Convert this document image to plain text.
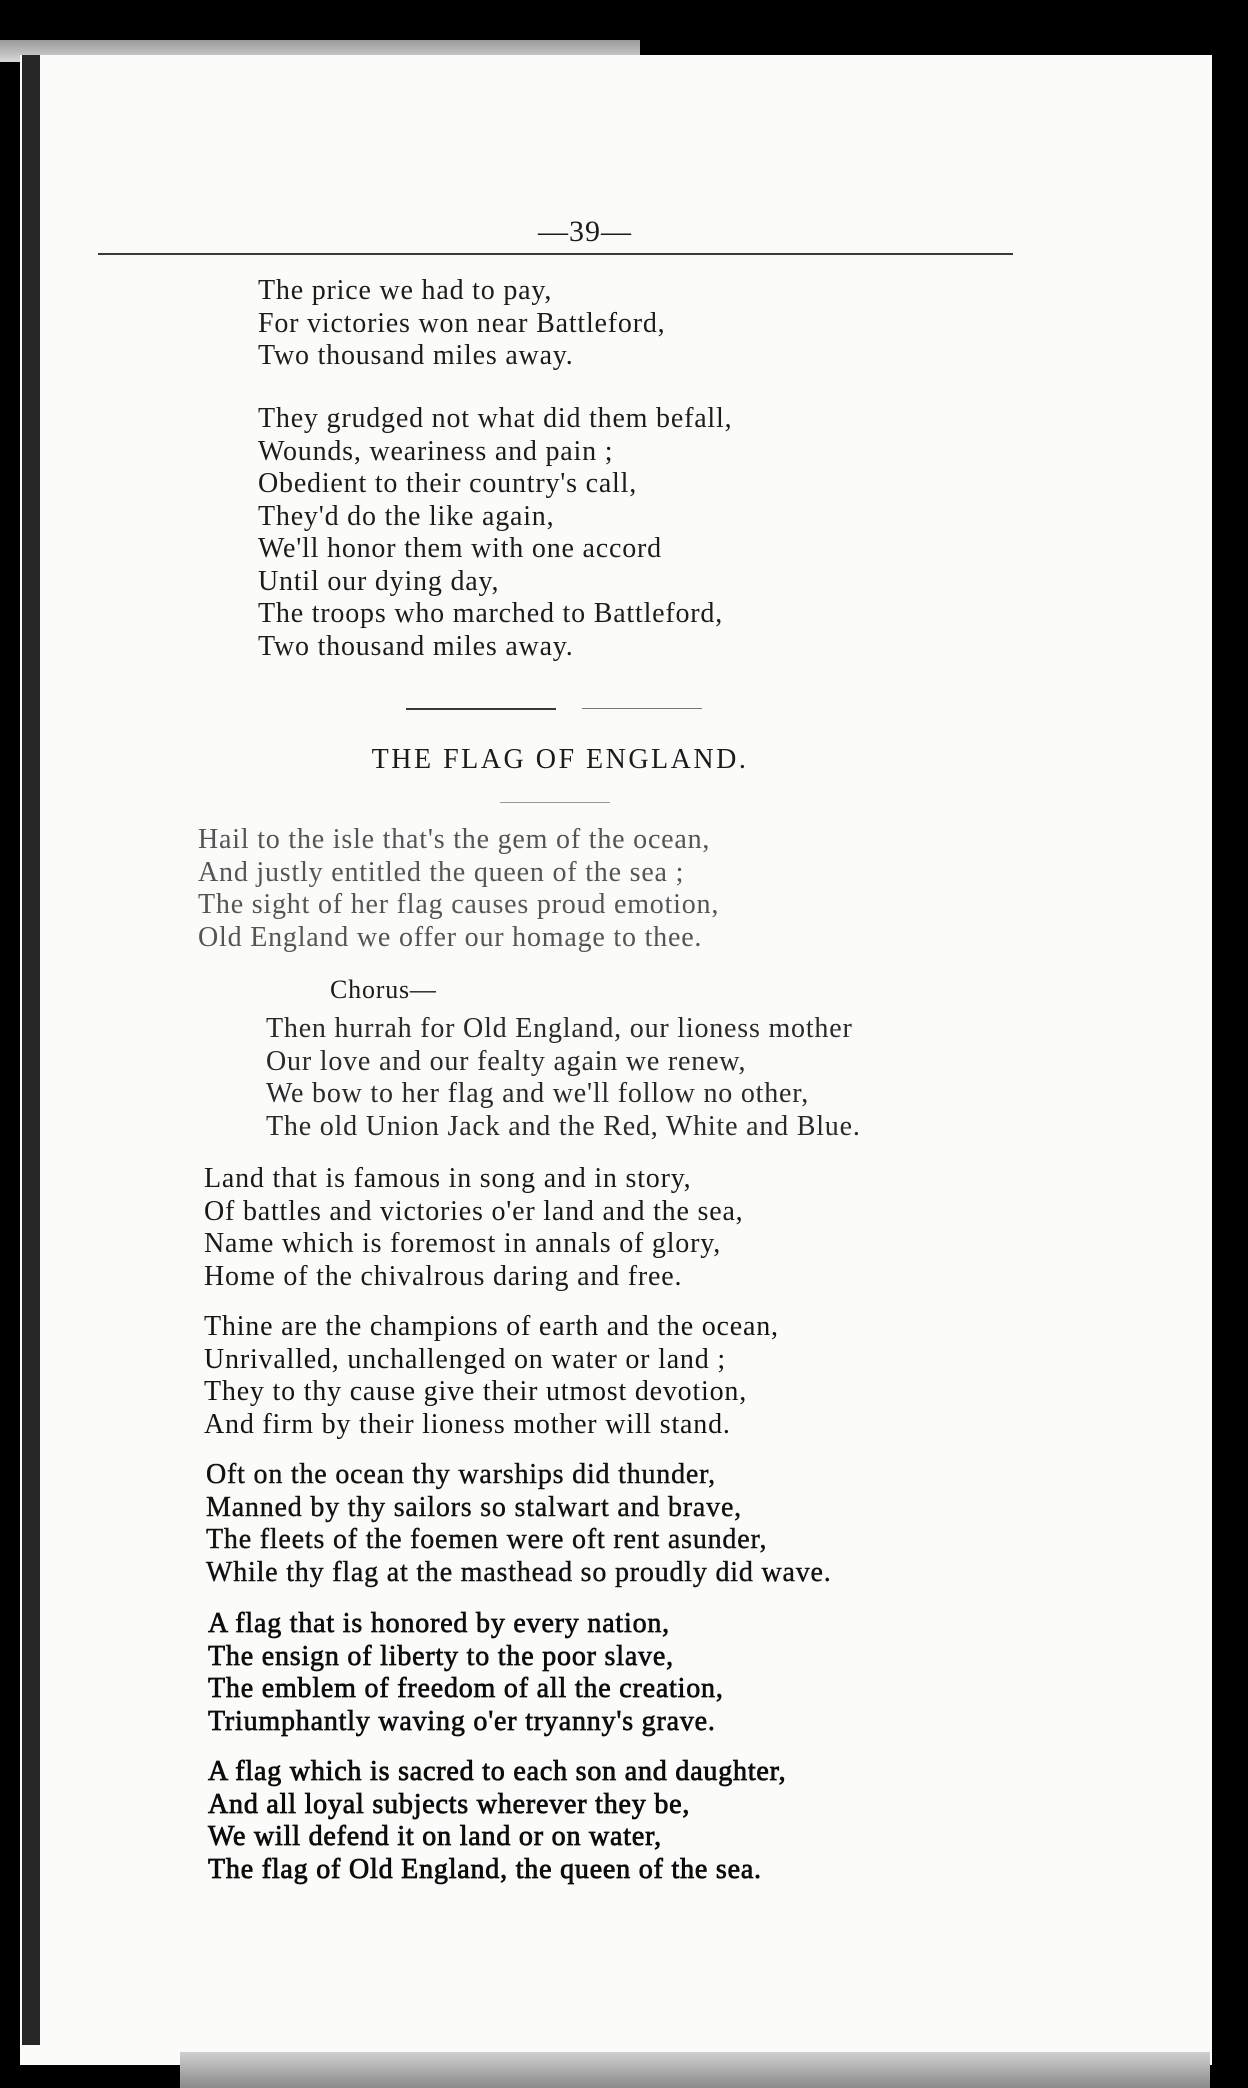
—39—
The price we had to pay,
For victories won near Battleford,
Two thousand miles away.
They grudged not what did them befall,
Wounds, weariness and pain ;
Obedient to their country's call,
They'd do the like again,
We'll honor them with one accord
Until our dying day,
The troops who marched to Battleford,
Two thousand miles away.
THE FLAG OF ENGLAND.
Hail to the isle that's the gem of the ocean,
And justly entitled the queen of the sea ;
The sight of her flag causes proud emotion,
Old England we offer our homage to thee.
Chorus—
Then hurrah for Old England, our lioness mother
Our love and our fealty again we renew,
We bow to her flag and we'll follow no other,
The old Union Jack and the Red, White and Blue.
Land that is famous in song and in story,
Of battles and victories o'er land and the sea,
Name which is foremost in annals of glory,
Home of the chivalrous daring and free.
Thine are the champions of earth and the ocean,
Unrivalled, unchallenged on water or land ;
They to thy cause give their utmost devotion,
And firm by their lioness mother will stand.
Oft on the ocean thy warships did thunder,
Manned by thy sailors so stalwart and brave,
The fleets of the foemen were oft rent asunder,
While thy flag at the masthead so proudly did wave.
A flag that is honored by every nation,
The ensign of liberty to the poor slave,
The emblem of freedom of all the creation,
Triumphantly waving o'er tryanny's grave.
A flag which is sacred to each son and daughter,
And all loyal subjects wherever they be,
We will defend it on land or on water,
The flag of Old England, the queen of the sea.
